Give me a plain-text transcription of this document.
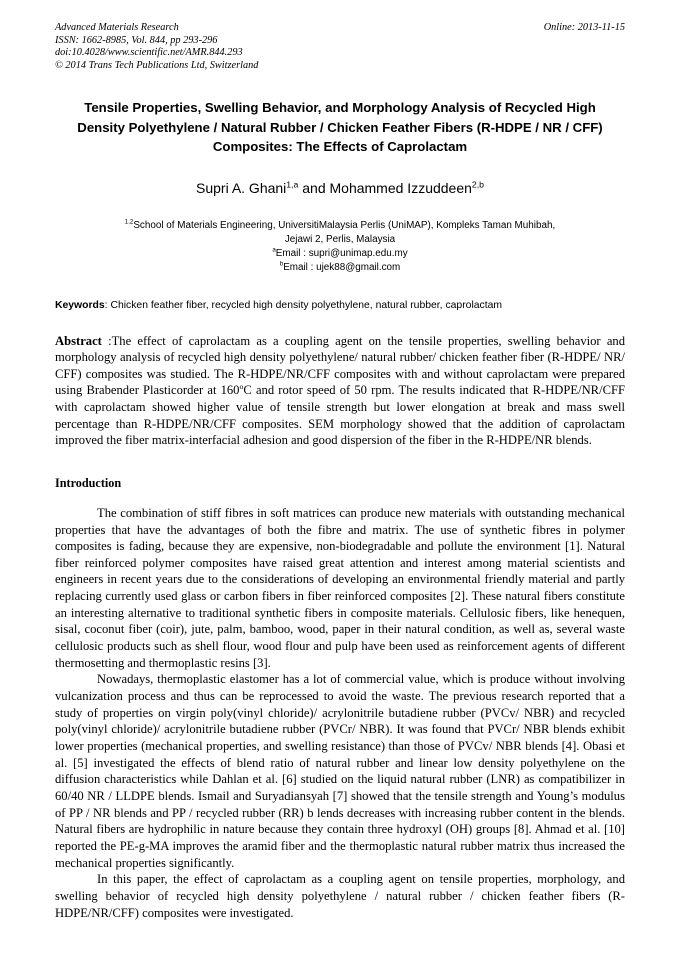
Advanced Materials Research
ISSN: 1662-8985, Vol. 844, pp 293-296
doi:10.4028/www.scientific.net/AMR.844.293
© 2014 Trans Tech Publications Ltd, Switzerland
Online: 2013-11-15
Tensile Properties, Swelling Behavior, and Morphology Analysis of Recycled High Density Polyethylene / Natural Rubber / Chicken Feather Fibers (R-HDPE / NR / CFF) Composites: The Effects of Caprolactam
Supri A. Ghani$^{1,a}$ and Mohammed Izzuddeen$^{2,b}$
$^{1,2}$School of Materials Engineering, UniversitiMalaysia Perlis (UniMAP), Kompleks Taman Muhibah,
Jejawi 2, Perlis, Malaysia
$^a$Email : supri@unimap.edu.my
$^b$Email : ujek88@gmail.com
Keywords: Chicken feather fiber, recycled high density polyethylene, natural rubber, caprolactam
Abstract :The effect of caprolactam as a coupling agent on the tensile properties, swelling behavior and morphology analysis of recycled high density polyethylene/ natural rubber/ chicken feather fiber (R-HDPE/ NR/ CFF) composites was studied. The R-HDPE/NR/CFF composites with and without caprolactam were prepared using Brabender Plasticorder at 160$^o$C and rotor speed of 50 rpm. The results indicated that R-HDPE/NR/CFF with caprolactam showed higher value of tensile strength but lower elongation at break and mass swell percentage than R-HDPE/NR/CFF composites. SEM morphology showed that the addition of caprolactam improved the fiber matrix-interfacial adhesion and good dispersion of the fiber in the R-HDPE/NR blends.
Introduction

The combination of stiff fibres in soft matrices can produce new materials with outstanding mechanical properties that have the advantages of both the fibre and matrix. The use of synthetic fibres in polymer composites is fading, because they are expensive, non-biodegradable and pollute the environment [1]. Natural fiber reinforced polymer composites have raised great attention and interest among material scientists and engineers in recent years due to the considerations of developing an environmental friendly material and partly replacing currently used glass or carbon fibers in fiber reinforced composites [2]. These natural fibers constitute an interesting alternative to traditional synthetic fibers in composite materials. Cellulosic fibers, like henequen, sisal, coconut fiber (coir), jute, palm, bamboo, wood, paper in their natural condition, as well as, several waste cellulosic products such as shell flour, wood flour and pulp have been used as reinforcement agents of different thermosetting and thermoplastic resins [3].

Nowadays, thermoplastic elastomer has a lot of commercial value, which is produce without involving vulcanization process and thus can be reprocessed to avoid the waste. The previous research reported that a study of properties on virgin poly(vinyl chloride)/ acrylonitrile butadiene rubber (PVCv/ NBR) and recycled poly(vinyl chloride)/ acrylonitrile butadiene rubber (PVCr/ NBR). It was found that PVCr/ NBR blends exhibit lower properties (mechanical properties, and swelling resistance) than those of PVCv/ NBR blends [4]. Obasi et al. [5] investigated the effects of blend ratio of natural rubber and linear low density polyethylene on the diffusion characteristics while Dahlan et al. [6] studied on the liquid natural rubber (LNR) as compatibilizer in 60/40 NR / LLDPE blends. Ismail and Suryadiansyah [7] showed that the tensile strength and Young’s modulus of PP / NR blends and PP / recycled rubber (RR) b lends decreases with increasing rubber content in the blends. Natural fibers are hydrophilic in nature because they contain three hydroxyl (OH) groups [8]. Ahmad et al. [10] reported the PE-g-MA improves the aramid fiber and the thermoplastic natural rubber matrix thus increased the mechanical properties significantly.

In this paper, the effect of caprolactam as a coupling agent on tensile properties, morphology, and swelling behavior of recycled high density polyethylene / natural rubber / chicken feather fibers (R-HDPE/NR/CFF) composites were investigated.
